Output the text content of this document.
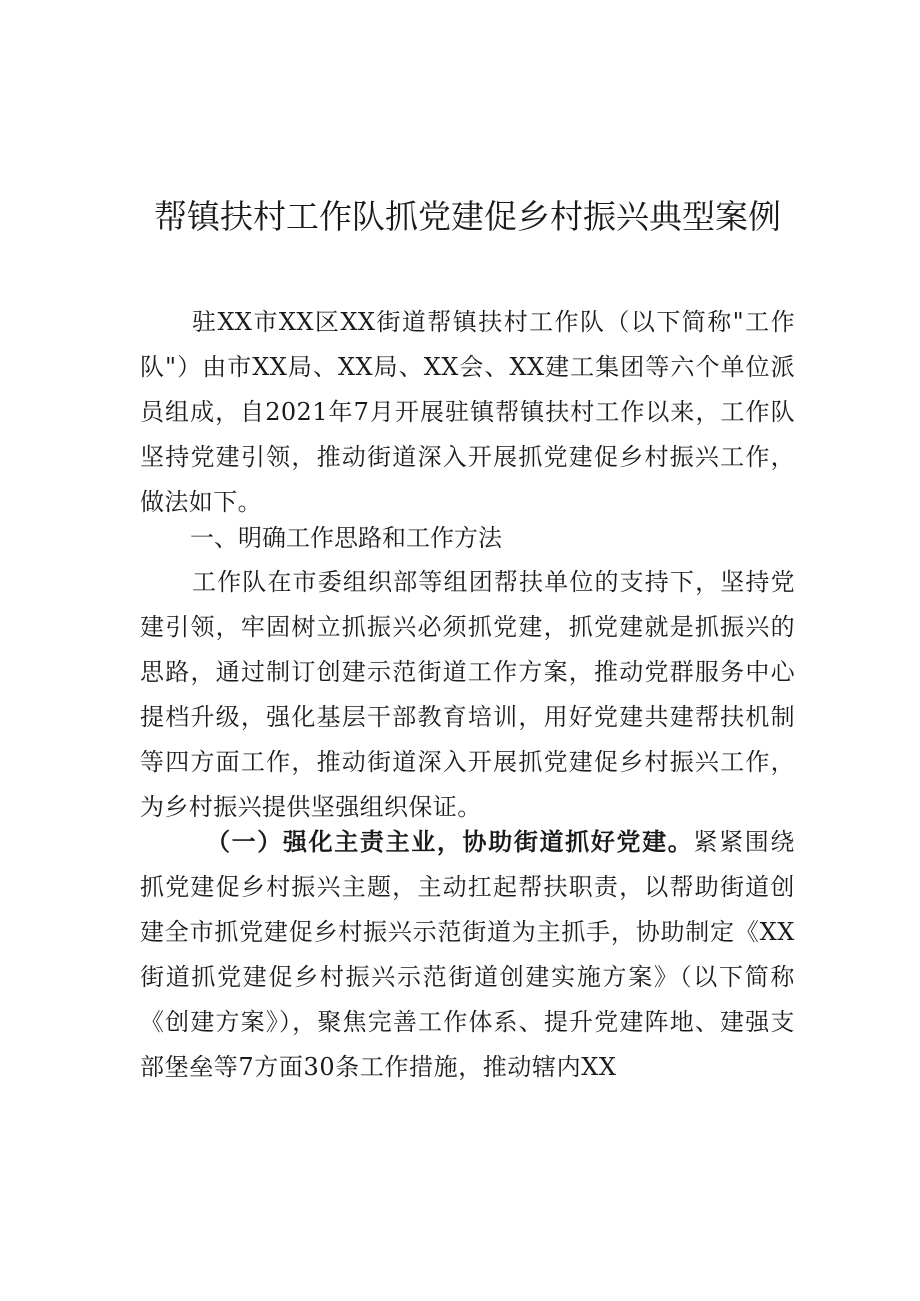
帮镇扶村工作队抓党建促乡村振兴典型案例

驻XX市XX区XX街道帮镇扶村工作队（以下简称"工作队"）由市XX局、XX局、XX会、XX建工集团等六个单位派员组成，自2021年7月开展驻镇帮镇扶村工作以来，工作队坚持党建引领，推动街道深入开展抓党建促乡村振兴工作，做法如下。

一、明确工作思路和工作方法

工作队在市委组织部等组团帮扶单位的支持下，坚持党建引领，牢固树立抓振兴必须抓党建，抓党建就是抓振兴的思路，通过制订创建示范街道工作方案，推动党群服务中心提档升级，强化基层干部教育培训，用好党建共建帮扶机制等四方面工作，推动街道深入开展抓党建促乡村振兴工作，为乡村振兴提供坚强组织保证。

（一）强化主责主业，协助街道抓好党建。紧紧围绕抓党建促乡村振兴主题，主动扛起帮扶职责，以帮助街道创建全市抓党建促乡村振兴示范街道为主抓手，协助制定《XX街道抓党建促乡村振兴示范街道创建实施方案》（以下简称《创建方案》），聚焦完善工作体系、提升党建阵地、建强支部堡垒等7方面30条工作措施，推动辖内XX
